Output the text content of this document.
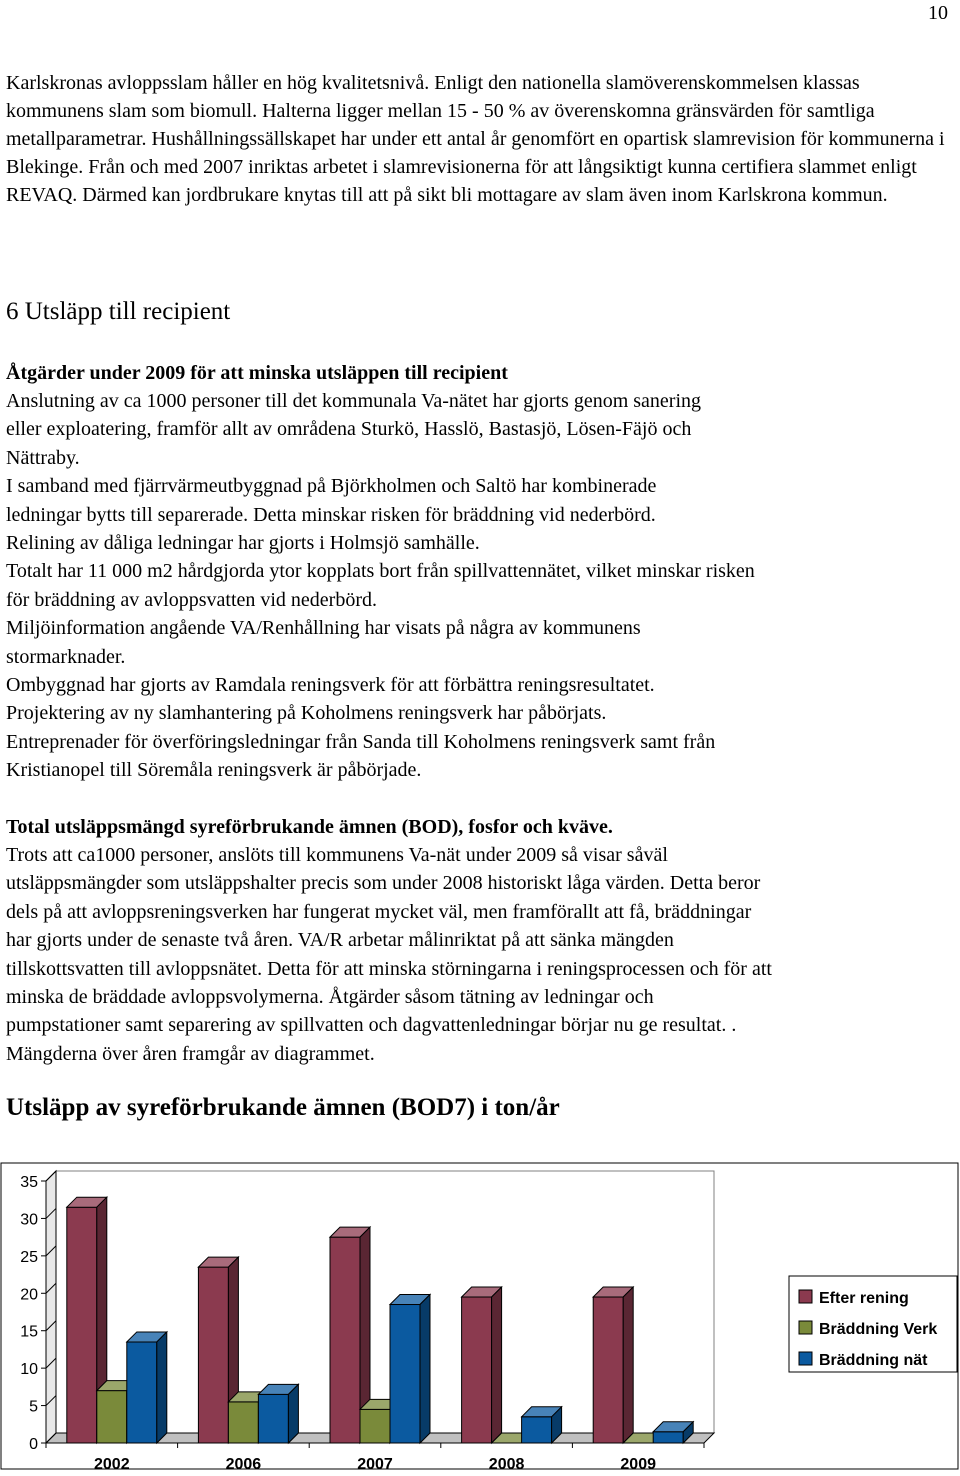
10

Karlskronas avloppsslam håller en hög kvalitetsnivå. Enligt den nationella slamöverenskommelsen klassas kommunens slam som biomull. Halterna ligger mellan 15 - 50 % av överenskomna gränsvärden för samtliga metallparametrar. Hushållningssällskapet har under ett antal år genomfört en opartisk slamrevision för kommunerna i Blekinge. Från och med 2007 inriktas arbetet i slamrevisionerna för att långsiktigt kunna certifiera slammet enligt REVAQ. Därmed kan jordbrukare knytas till att på sikt bli mottagare av slam även inom Karlskrona kommun.

6 Utsläpp till recipient

Åtgärder under 2009 för att minska utsläppen till recipient

Anslutning av ca 1000 personer till det kommunala Va-nätet har gjorts genom sanering

eller exploatering, framför allt av områdena Sturkö, Hasslö, Bastasjö, Lösen-Fäjö och

Nättraby.

I samband med fjärrvärmeutbyggnad på Björkholmen och Saltö har kombinerade

ledningar bytts till separerade. Detta minskar risken för bräddning vid nederbörd.

Relining av dåliga ledningar har gjorts i Holmsjö samhälle.

Totalt har 11 000 m2 hårdgjorda ytor kopplats bort från spillvattennätet, vilket minskar risken

för bräddning av avloppsvatten vid nederbörd.

Miljöinformation angående VA/Renhållning har visats på några av kommunens

stormarknader.

Ombyggnad har gjorts av Ramdala reningsverk för att förbättra reningsresultatet.

Projektering av ny slamhantering på Koholmens reningsverk har påbörjats.

Entreprenader för överföringsledningar från Sanda till Koholmens reningsverk samt från

Kristianopel till Söremåla reningsverk är påbörjade.

Total utsläppsmängd syreförbrukande ämnen (BOD), fosfor och kväve.

Trots att ca1000 personer, anslöts till kommunens Va-nät under 2009 så visar såväl

utsläppsmängder som utsläppshalter precis som under 2008 historiskt låga värden. Detta beror

dels på att avloppsreningsverken har fungerat mycket väl, men framförallt att få, bräddningar

har gjorts under de senaste två åren. VA/R arbetar målinriktat på att sänka mängden

tillskottsvatten till avloppsnätet. Detta för att minska störningarna i reningsprocessen och för att

minska de bräddade avloppsvolymerna. Åtgärder såsom tätning av ledningar och

pumpstationer samt separering av spillvatten och dagvattenledningar börjar nu ge resultat. .

Mängderna över åren framgår av diagrammet.

Utsläpp av syreförbrukande ämnen (BOD7) i ton/år
0
5
10
15
20
25
30
35
2002	2006	2007	2008	2009
Efter rening
Bräddning Verk
Bräddning nät
